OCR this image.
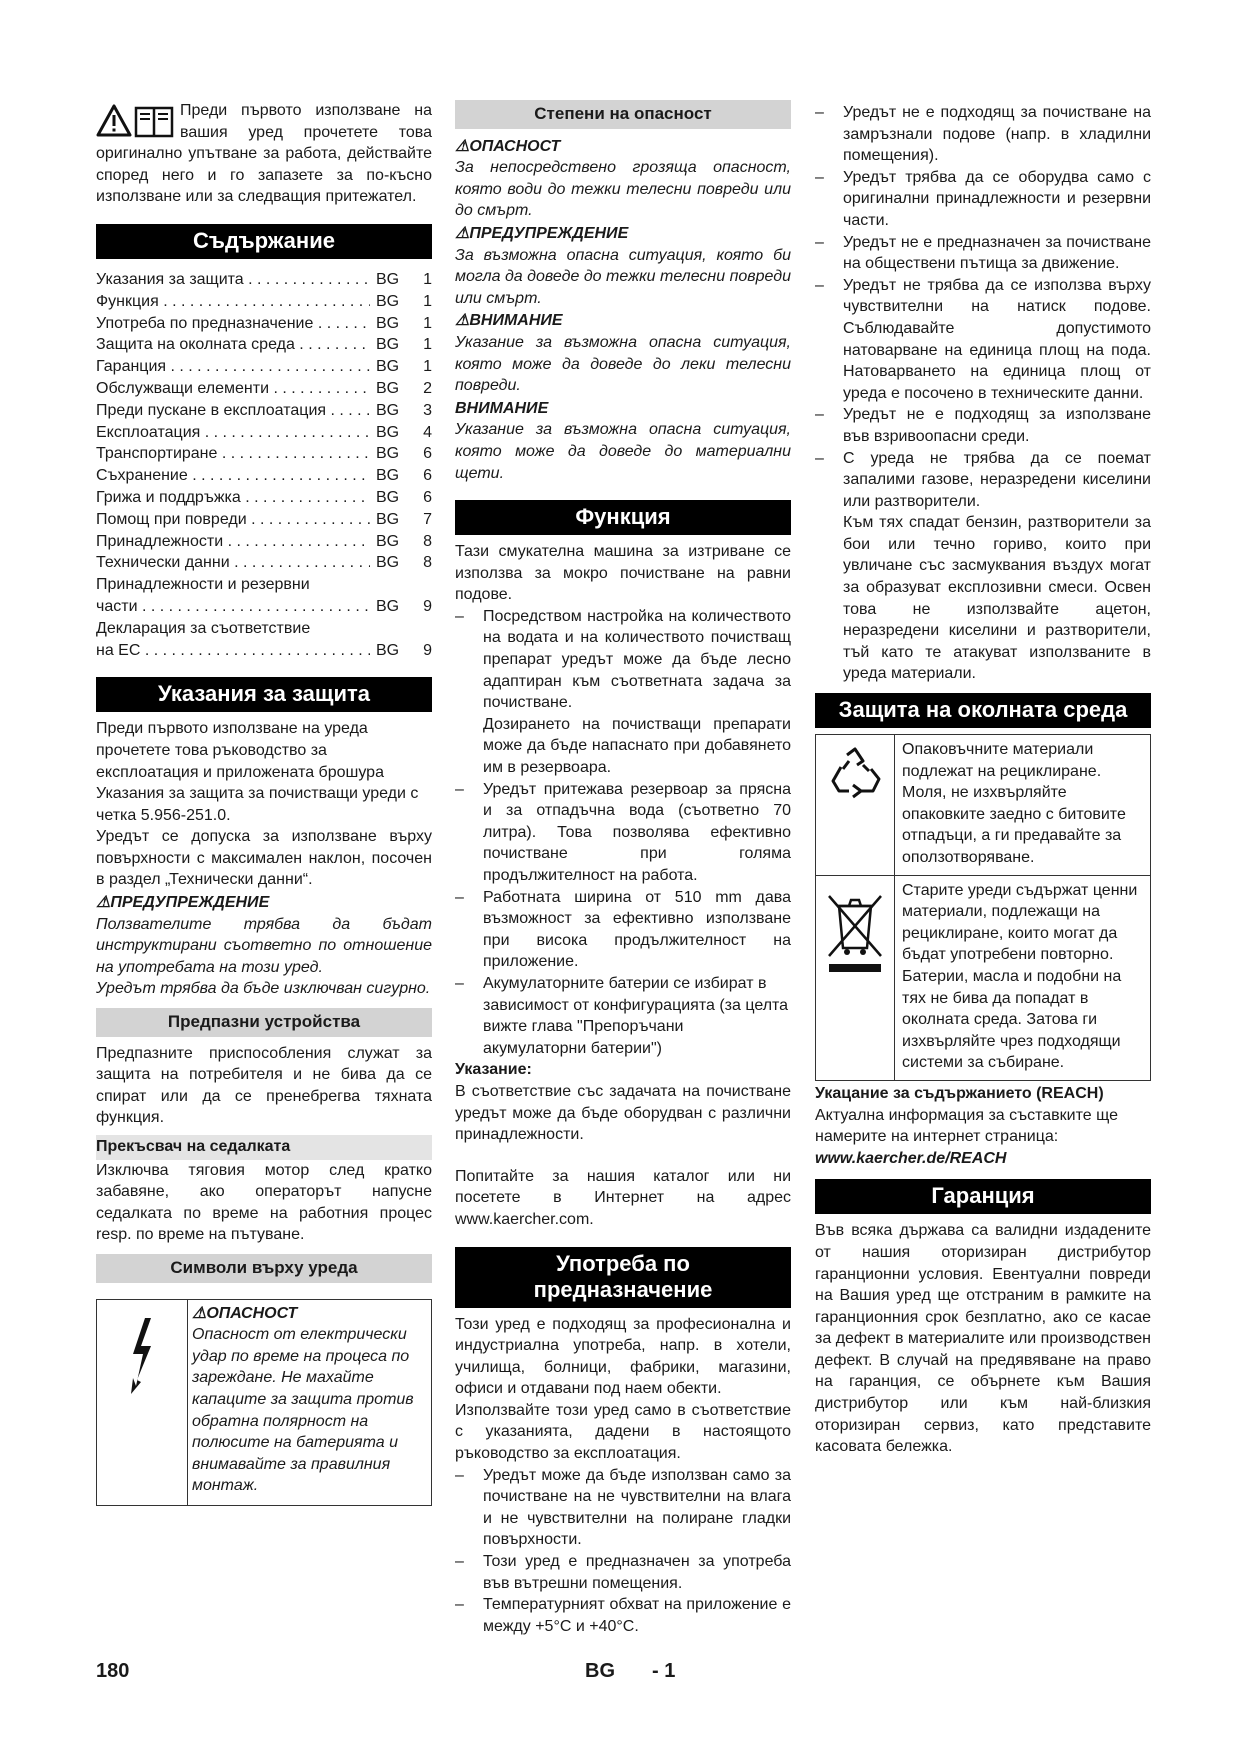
Преди първото използване на вашия уред прочетете това оригинално упътване за работа, действайте според него и го запазете за по-късно използване или за следващия притежател.

Съдържание
Указания за защита . . .	BG	1
Функция . . .	BG	1
Употреба по предназначение . . .	BG	1
Защита на околната среда . . .	BG	1
Гаранция . . .	BG	1
Обслужващи елементи . . .	BG	2
Преди пускане в експлоатация . . .	BG	3
Експлоатация . . .	BG	4
Транспортиране . . .	BG	6
Съхранение . . .	BG	6
Грижа и поддръжка . . .	BG	6
Помощ при повреди . . .	BG	7
Принадлежности . . .	BG	8
Технически данни . . .	BG	8
Принадлежности и резервни
части . . .	BG	9
Декларация за съответствие
на ЕС . . .	BG	9
Указания за защита

Преди първото използване на уреда прочетете това ръководство за експлоатация и приложената брошура Указания за защита за почистващи уреди с четка 5.956-251.0.

Уредът се допуска за използване върху повърхности с максимален наклон, посочен в раздел „Технически данни“.

⚠ПРЕДУПРЕЖДЕНИЕ

Ползвателите трябва да бъдат инструктирани съответно по отношение на употребата на този уред.

Уредът трябва да бъде изключван сигурно.

Предпазни устройства

Предпазните приспособления служат за защита на потребителя и не бива да се спират или да се пренебрегва тяхната функция.

Прекъсвач на седалката

Изключва тяговия мотор след кратко забавяне, ако операторът напусне седалката по време на работния процес resp. по време на пътуване.

Символи върху уреда
⚠ОПАСНОСТ

Опасност от електрически удар по време на процеса по зареждане. Не махайте капаците за защита против обратна полярност на полюсите на батерията и внимавайте за правилния монтаж.

Степени на опасност
⚠ОПАСНОСТ

За непосредствено грозяща опасност, която води до тежки телесни повреди или до смърт.

⚠ПРЕДУПРЕЖДЕНИЕ

За възможна опасна ситуация, която би могла да доведе до тежки телесни повреди или смърт.

⚠ВНИМАНИЕ

Указание за възможна опасна ситуация, която може да доведе до леки телесни повреди.

ВНИМАНИЕ

Указание за възможна опасна ситуация, която може да доведе до материални щети.

Функция

Тази смукателна машина за изтриване се използва за мокро почистване на равни подове.

– Посредством настройка на количеството на водата и на количеството почистващ препарат уредът може да бъде лесно адаптиран към съответната задача за почистване.

Дозирането на почистващи препарати може да бъде напаснато при добавянето им в резервоара.

– Уредът притежава резервоар за прясна и за отпадъчна вода (съответно 70 литра). Това позволява ефективно почистване при голяма продължителност на работа.

– Работната ширина от 510 mm дава възможност за ефективно използване при висока продължителност на приложение.

– Акумулаторните батерии се избират в зависимост от конфигурацията (за целта вижте глава "Препоръчани акумулаторни батерии")

Указание:

В съответствие със задачата на почистване уредът може да бъде оборудван с различни принадлежности.

Попитайте за нашия каталог или ни посетете в Интернет на адрес www.kaercher.com.

Употреба по
предназначение

Този уред е подходящ за професионална и индустриална употреба, напр. в хотели, училища, болници, фабрики, магазини, офиси и отдавани под наем обекти.

Използвайте този уред само в съответствие с указанията, дадени в настоящото ръководство за експлоатация.

– Уредът може да бъде използван само за почистване на не чувствителни на влага и не чувствителни на полиране гладки повърхности.

– Този уред е предназначен за употреба във вътрешни помещения.

– Температурният обхват на приложение е между +5°C и +40°C.

– Уредът не е подходящ за почистване на замръзнали подове (напр. в хладилни помещения).

– Уредът трябва да се оборудва само с оригинални принадлежности и резервни части.

– Уредът не е предназначен за почистване на обществени пътища за движение.

– Уредът не трябва да се използва върху чувствителни на натиск подове. Съблюдавайте допустимото натоварване на единица площ на пода. Натоварването на единица площ от уреда е посочено в техническите данни.

– Уредът не е подходящ за използване във взривоопасни среди.

– С уреда не трябва да се поемат запалими газове, неразредени киселини или разтворители.

Към тях спадат бензин, разтворители за бои или течно гориво, които при увличане със засмуквания въздух могат за образуват експлозивни смеси. Освен това не използвайте ацетон, неразредени киселини и разтворители, тъй като те атакуват използваните в уреда материали.

Защита на околната среда
	Опаковъчните материали подлежат на рециклиране. Моля, не изхвърляйте опаковките заедно с битовите отпадъци, а ги предавайте за оползотворяване.
	Старите уреди съдържат ценни материали, подлежащи на рециклиране, които могат да бъдат употребени повторно. Батерии, масла и подобни на тях не бива да попадат в околната среда. Затова ги изхвърляйте чрез подходящи системи за събиране.
Укацание за съдържанието (REACH)

Актуална информация за съставките ще намерите на интернет страница:

www.kaercher.de/REACH
Гаранция

Във всяка държава са валидни издадените от нашия оторизиран дистрибутор гаранционни условия. Евентуални повреди на Вашия уред ще отстраним в рамките на гаранционния срок безплатно, ако се касае за дефект в материалите или производствен дефект. В случай на предявяване на право на гаранция, се обърнете към Вашия дистрибутор или към най-близкия оторизиран сервиз, като представите касовата бележка.

180	BG - 1
